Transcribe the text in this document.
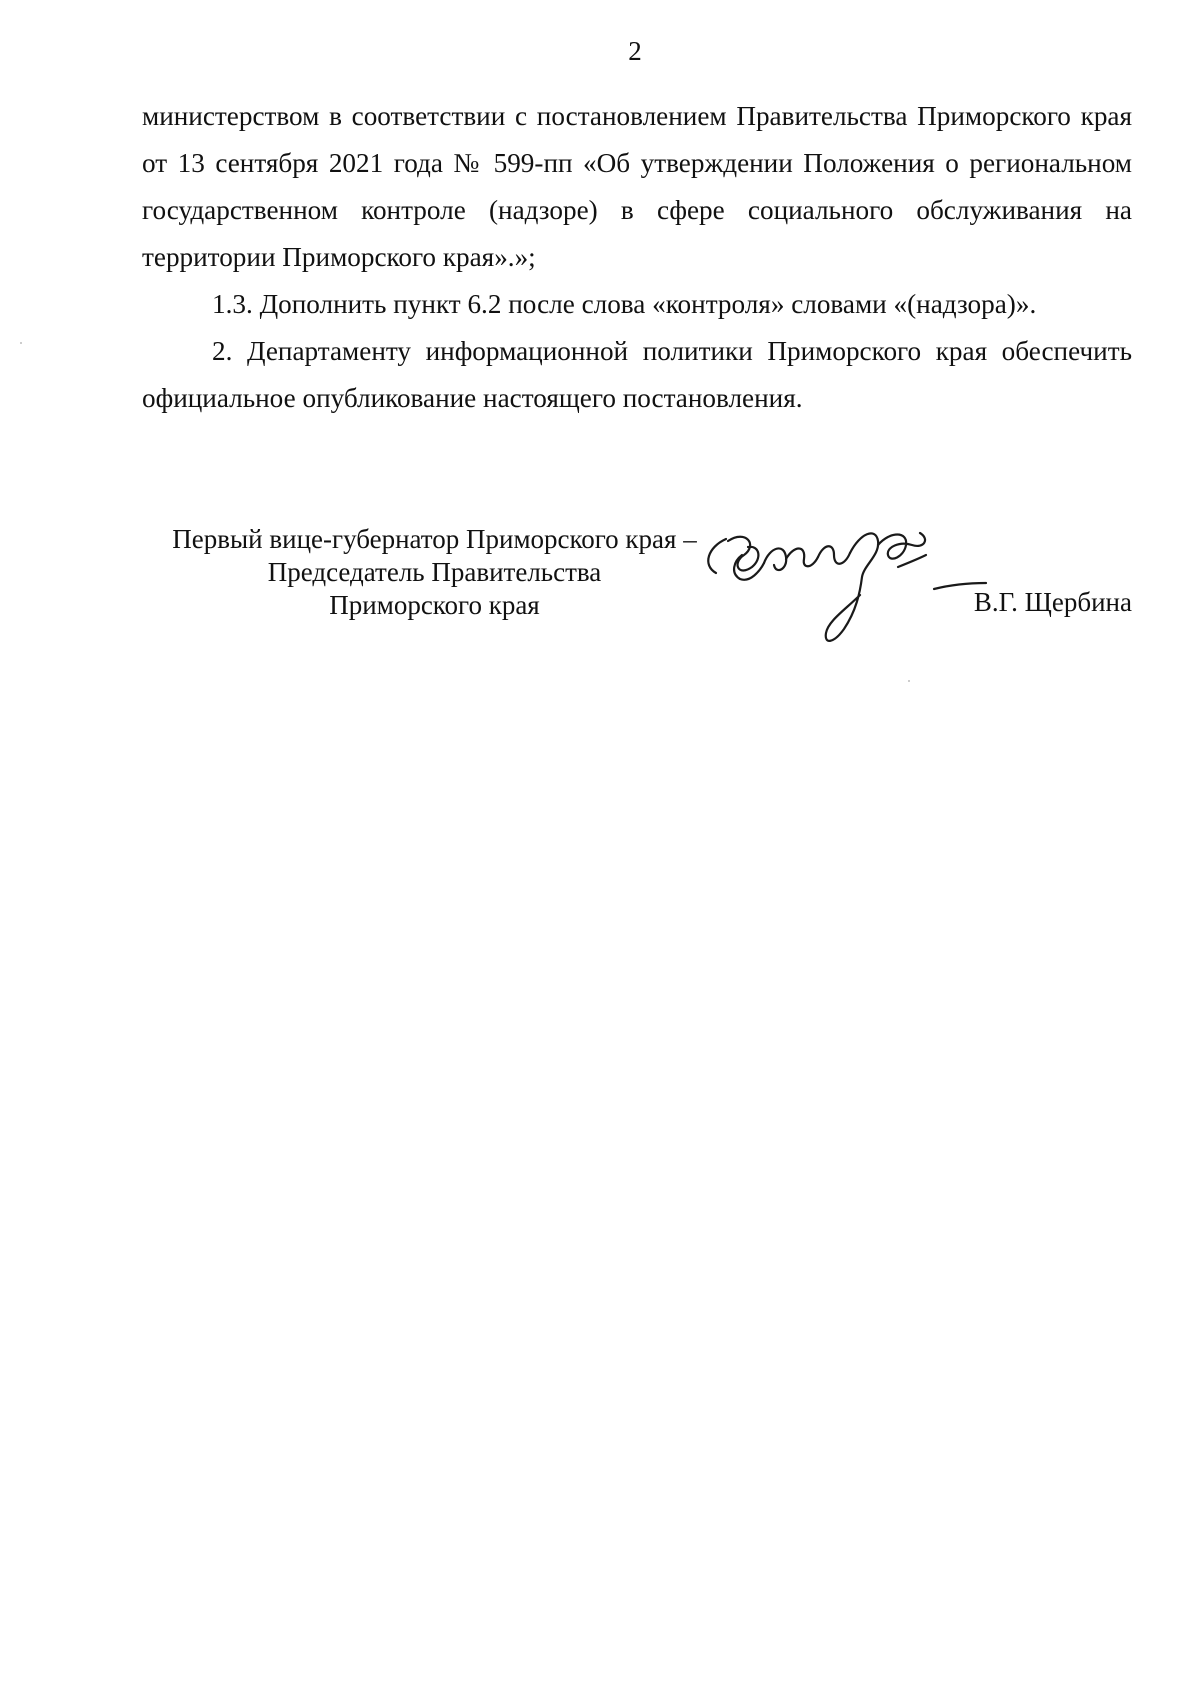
2

министерством в соответствии с постановлением Правительства Приморского края от 13 сентября 2021 года № 599-пп «Об утверждении Положения о региональном государственном контроле (надзоре) в сфере социального обслуживания на территории Приморского края».»;

1.3. Дополнить пункт 6.2 после слова «контроля» словами «(надзора)».

2. Департаменту информационной политики Приморского края обеспечить официальное опубликование настоящего постановления.

Первый вице-губернатор Приморского края –
Председатель Правительства
Приморского края	В.Г. Щербина
